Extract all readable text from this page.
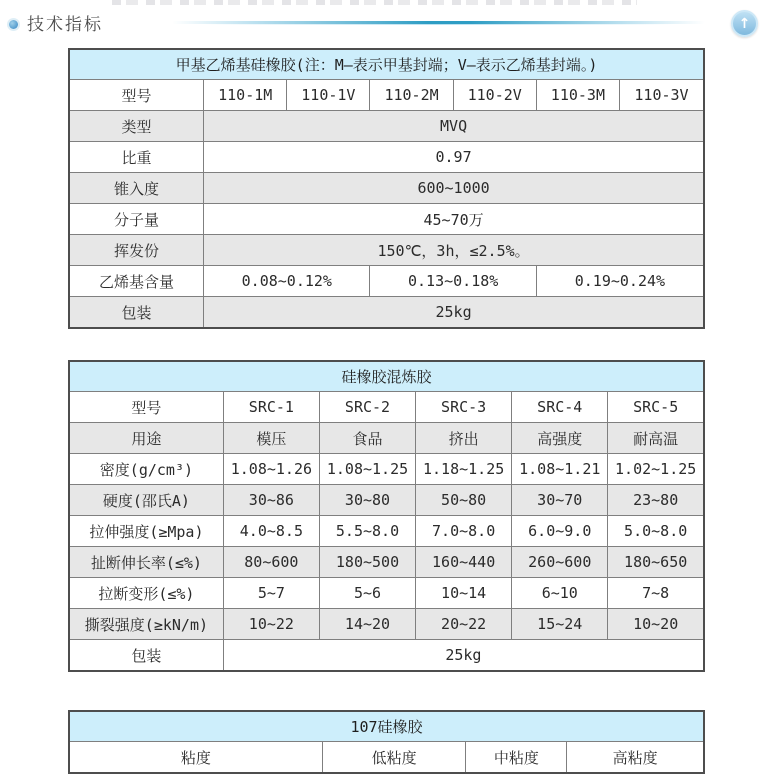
技术指标	↑
甲基乙烯基硅橡胶(注：M—表示甲基封端；V—表示乙烯基封端。)						
型号	110-1M	110-1V	110-2M	110-2V	110-3M	110-3V
类型	MVQ					
比重	0.97					
锥入度	600~1000					
分子量	45~70万					
挥发份	150℃，3h，≤2.5%。					
乙烯基含量	0.08~0.12%		0.13~0.18%		0.19~0.24%	
包装	25kg					
硅橡胶混炼胶					
型号	SRC-1	SRC-2	SRC-3	SRC-4	SRC-5
用途	模压	食品	挤出	高强度	耐高温
密度(g/cm³)	1.08~1.26	1.08~1.25	1.18~1.25	1.08~1.21	1.02~1.25
硬度(邵氏A)	30~86	30~80	50~80	30~70	23~80
拉伸强度(≥Mpa)	4.0~8.5	5.5~8.0	7.0~8.0	6.0~9.0	5.0~8.0
扯断伸长率(≤%)	80~600	180~500	160~440	260~600	180~650
拉断变形(≤%)	5~7	5~6	10~14	6~10	7~8
撕裂强度(≥kN/m)	10~22	14~20	20~22	15~24	10~20
包装	25kg				
107硅橡胶
粘度	低粘度	中粘度	高粘度
